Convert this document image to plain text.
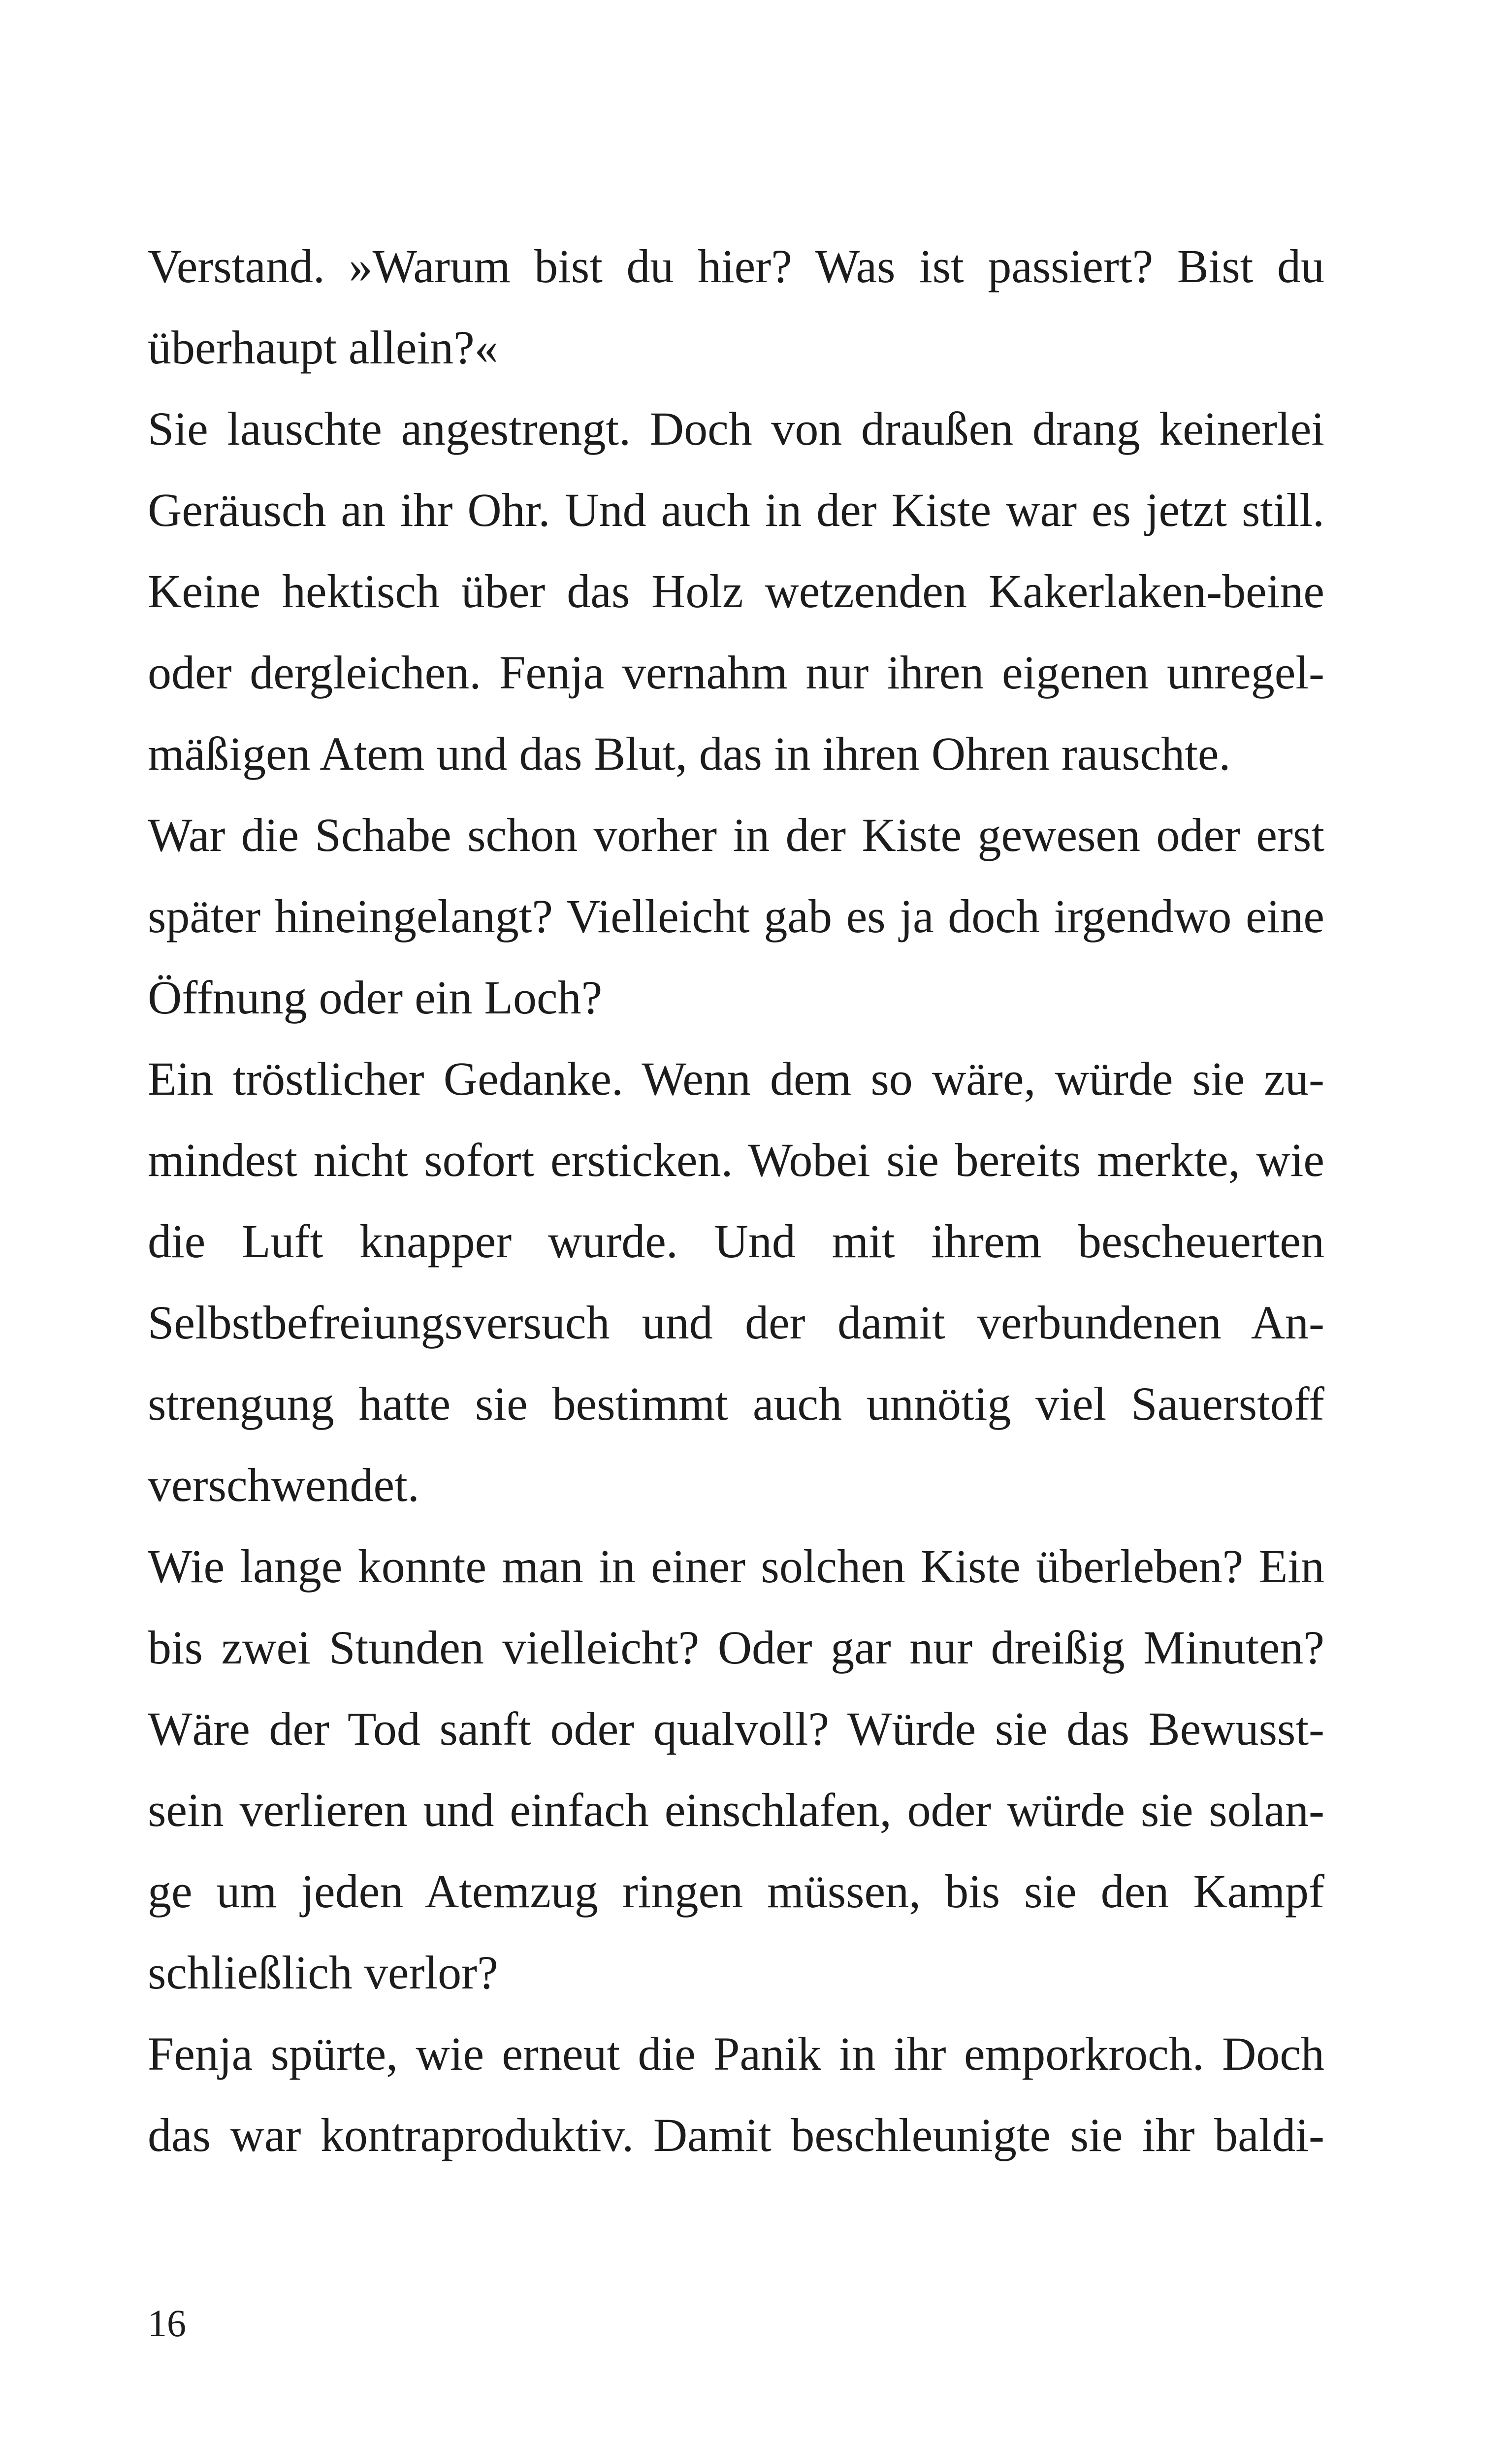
Verstand. »Warum bist du hier? Was ist passiert? Bist du
überhaupt allein?«
Sie lauschte angestrengt. Doch von draußen drang keinerlei
Geräusch an ihr Ohr. Und auch in der Kiste war es jetzt still.
Keine hektisch über das Holz wetzenden Kakerlaken-beine
oder dergleichen. Fenja vernahm nur ihren eigenen unregel-
mäßigen Atem und das Blut, das in ihren Ohren rauschte.
War die Schabe schon vorher in der Kiste gewesen oder erst
später hineingelangt? Vielleicht gab es ja doch irgendwo eine
Öffnung oder ein Loch?
Ein tröstlicher Gedanke. Wenn dem so wäre, würde sie zu-
mindest nicht sofort ersticken. Wobei sie bereits merkte, wie
die Luft knapper wurde. Und mit ihrem bescheuerten
Selbstbefreiungsversuch und der damit verbundenen An-
strengung hatte sie bestimmt auch unnötig viel Sauerstoff
verschwendet.
Wie lange konnte man in einer solchen Kiste überleben? Ein
bis zwei Stunden vielleicht? Oder gar nur dreißig Minuten?
Wäre der Tod sanft oder qualvoll? Würde sie das Bewusst-
sein verlieren und einfach einschlafen, oder würde sie solan-
ge um jeden Atemzug ringen müssen, bis sie den Kampf
schließlich verlor?
Fenja spürte, wie erneut die Panik in ihr emporkroch. Doch
das war kontraproduktiv. Damit beschleunigte sie ihr baldi-
16
